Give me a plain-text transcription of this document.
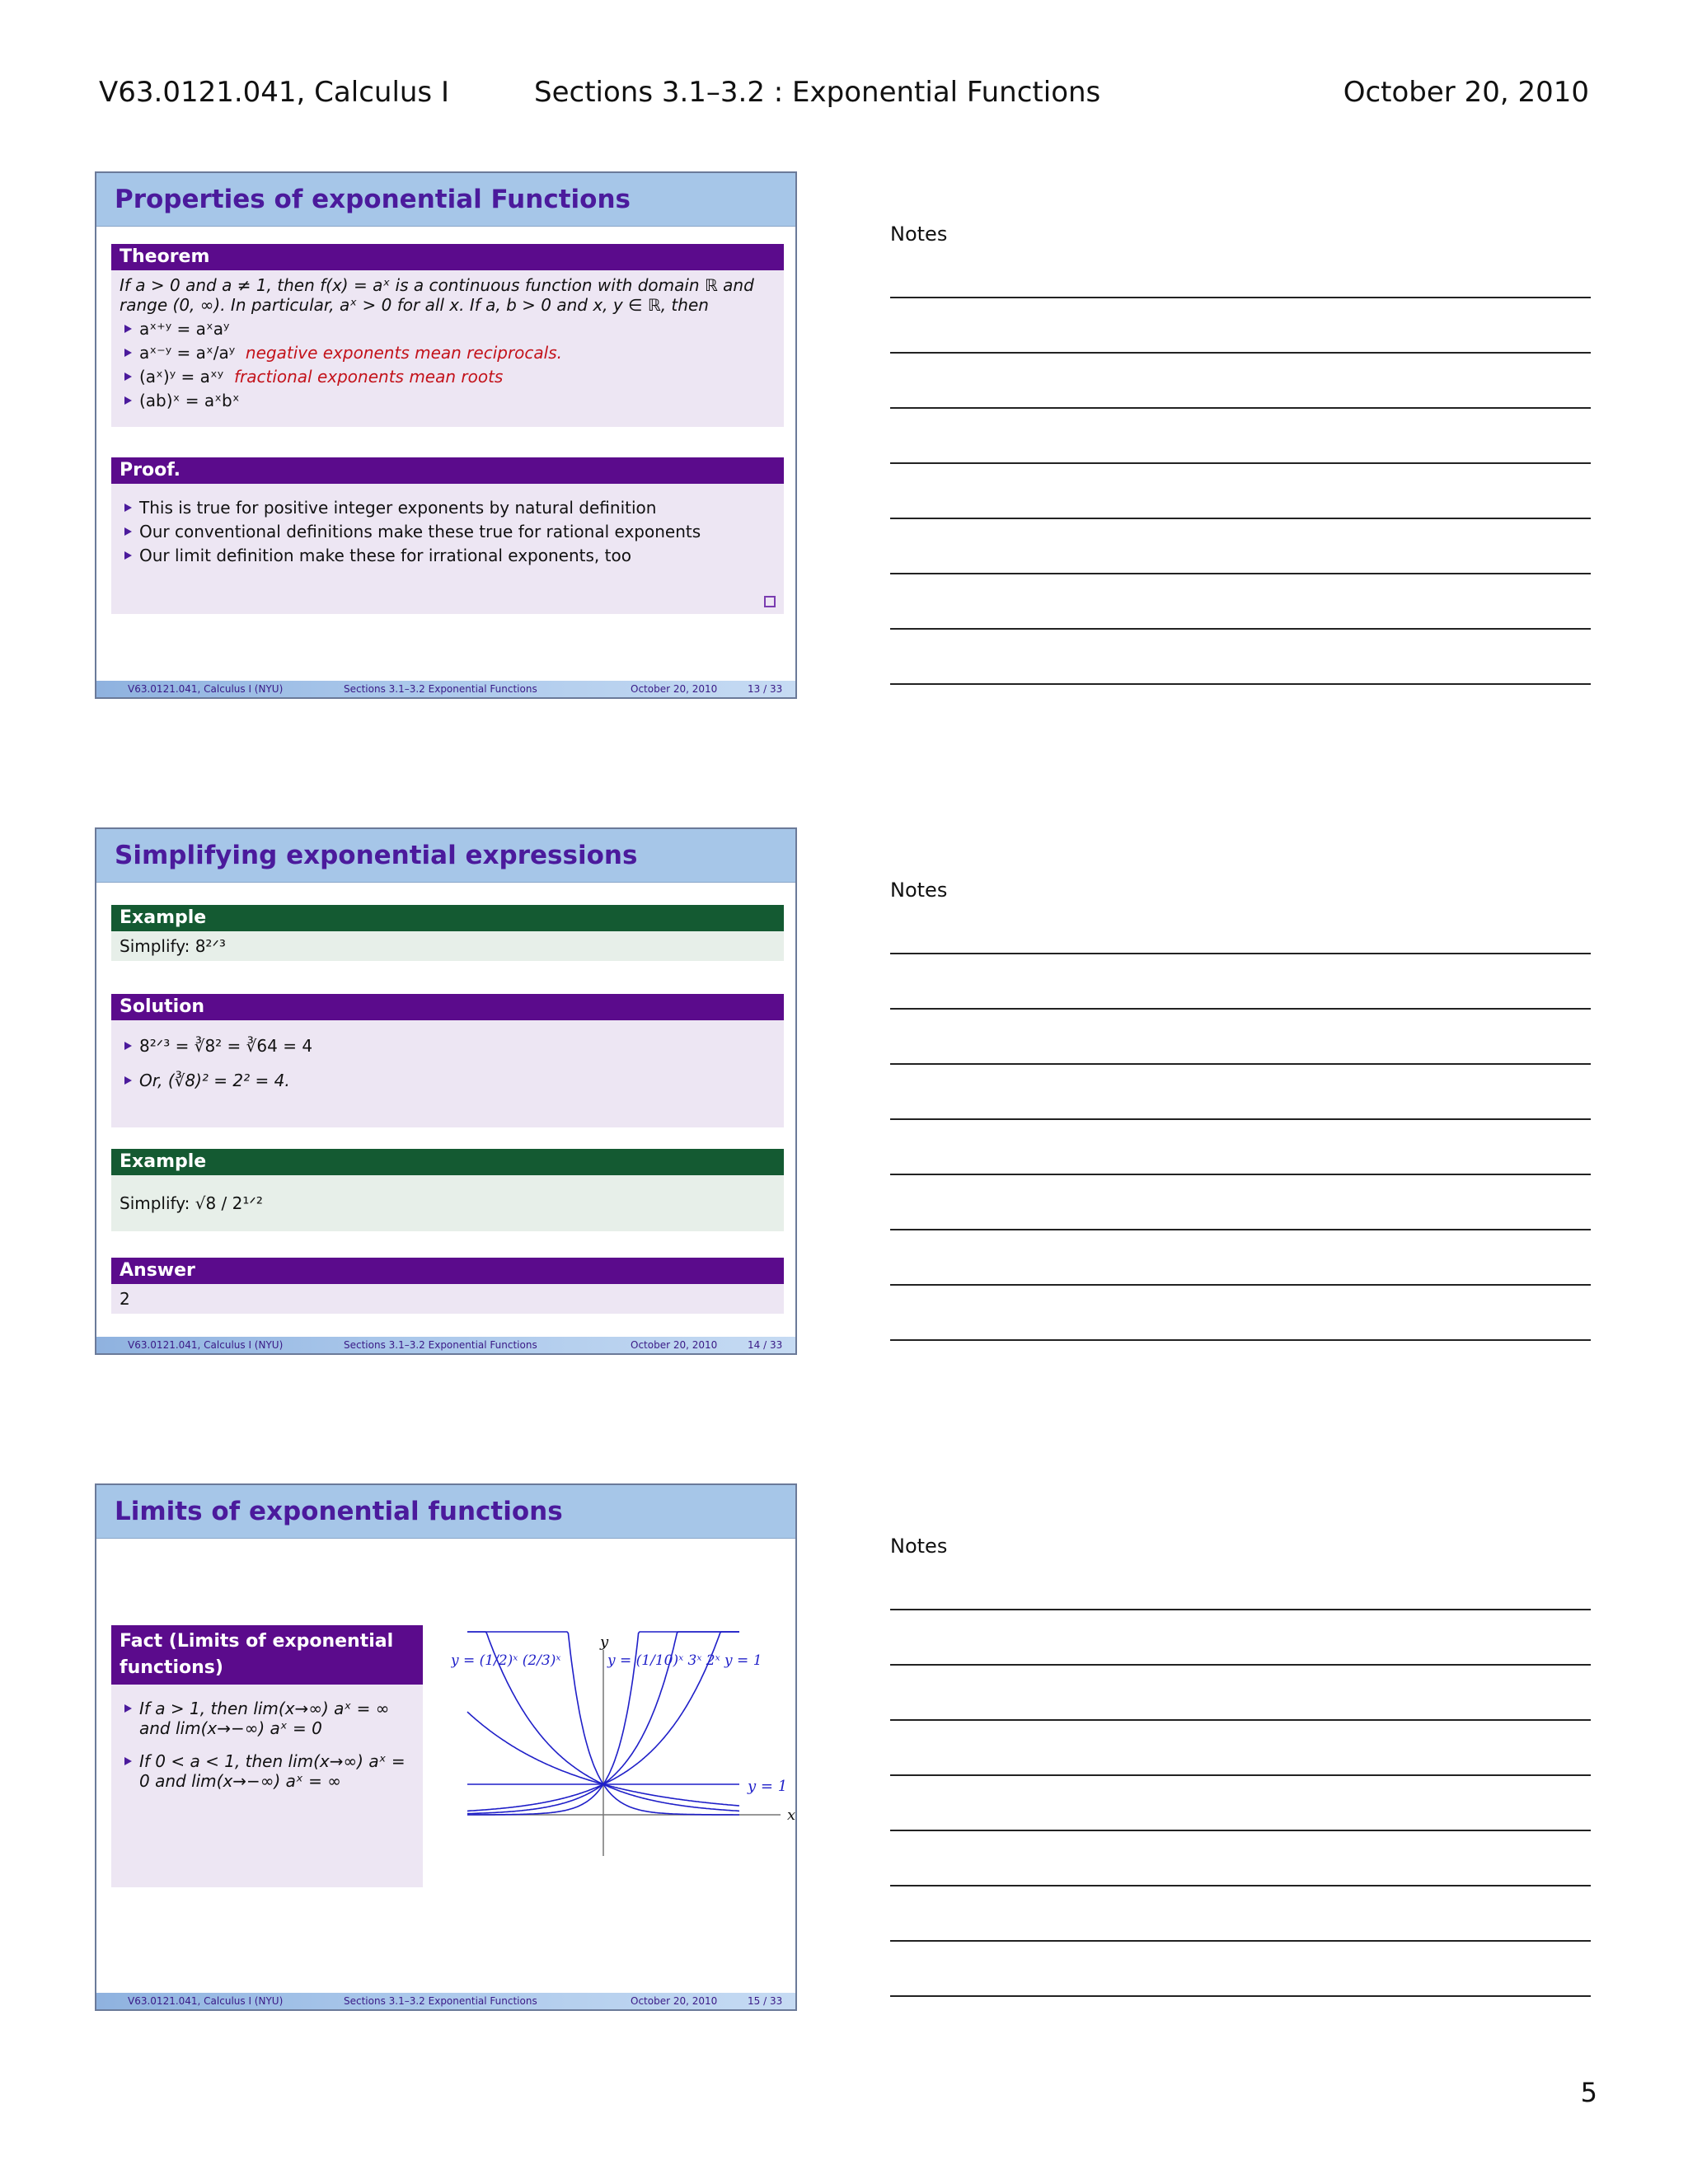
V63.0121.041, Calculus I	Sections 3.1–3.2 : Exponential Functions	October 20, 2010
Properties of exponential Functions
Theorem
If a > 0 and a ≠ 1, then f(x) = aˣ is a continuous function with domain ℝ and
range (0, ∞). In particular, aˣ > 0 for all x. If a, b > 0 and x, y ∈ ℝ, then
aˣ⁺ʸ = aˣaʸ
aˣ⁻ʸ = aˣ/aʸ negative exponents mean reciprocals.
(aˣ)ʸ = aˣʸ fractional exponents mean roots
(ab)ˣ = aˣbˣ
Proof.
This is true for positive integer exponents by natural definition
Our conventional definitions make these true for rational exponents
Our limit definition make these for irrational exponents, too
V63.0121.041, Calculus I (NYU)	Sections 3.1–3.2 Exponential Functions	October 20, 2010	13 / 33
Simplifying exponential expressions
Example
Simplify: 8²ᐟ³
Solution
8²ᐟ³ = ∛8² = ∛64 = 4
Or, (∛8)² = 2² = 4.
Example
Simplify: √8 / 2¹ᐟ²
Answer
2
V63.0121.041, Calculus I (NYU)	Sections 3.1–3.2 Exponential Functions	October 20, 2010	14 / 33
Limits of exponential functions
Fact (Limits of exponential functions)
If a > 1, then lim(x→∞) aˣ = ∞ and lim(x→−∞) aˣ = 0
If 0 < a < 1, then lim(x→∞) aˣ = 0 and lim(x→−∞) aˣ = ∞
y
x
y = 1
y = (1/2)ˣ (2/3)ˣ	y = (1/10)ˣ 3ˣ 2ˣ y = 1
V63.0121.041, Calculus I (NYU)	Sections 3.1–3.2 Exponential Functions	October 20, 2010	15 / 33
Notes
Notes
Notes
5
